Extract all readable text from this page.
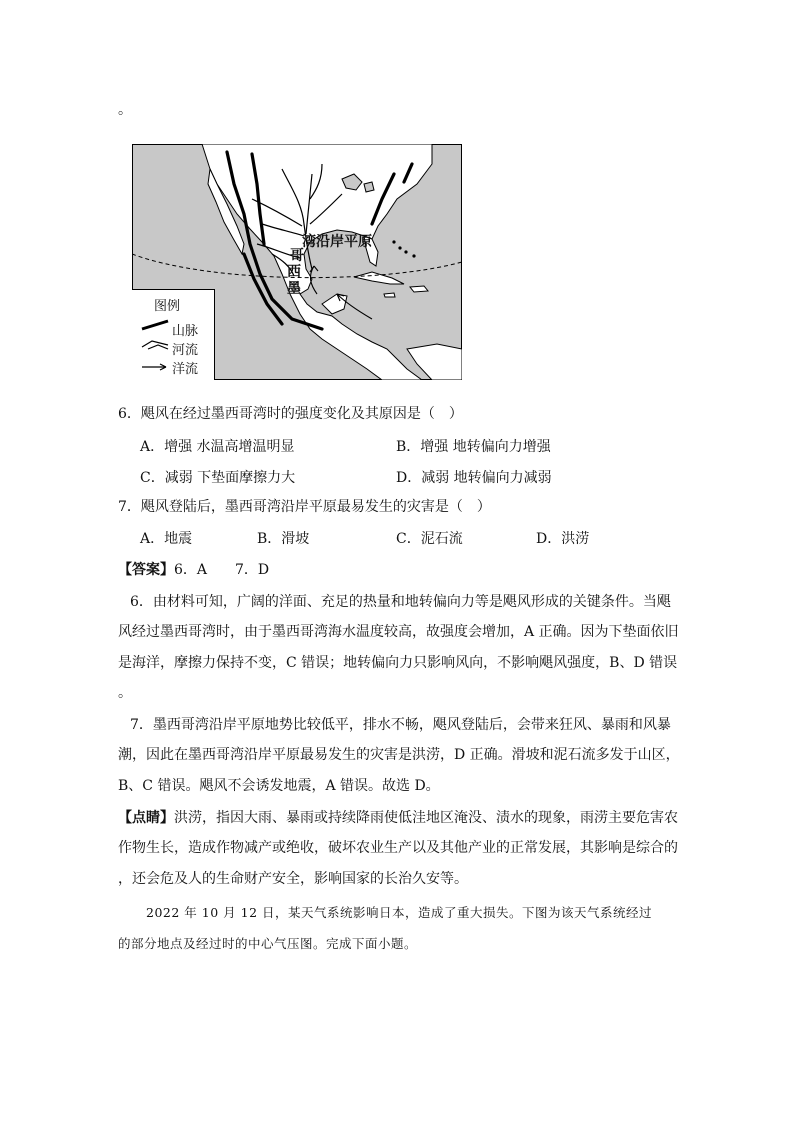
。
湾沿岸平原
哥
西
墨
图例
山脉
河流
洋流
6．飓风在经过墨西哥湾时的强度变化及其原因是（　）
A．增强 水温高增温明显	B．增强 地转偏向力增强
C．减弱 下垫面摩擦力大	D．减弱 地转偏向力减弱
7．飓风登陆后，墨西哥湾沿岸平原最易发生的灾害是（　）
A．地震	B．滑坡	C．泥石流	D．洪涝
【答案】6．A　　7．D
6．由材料可知，广阔的洋面、充足的热量和地转偏向力等是飓风形成的关键条件。当飓
风经过墨西哥湾时，由于墨西哥湾海水温度较高，故强度会增加，A 正确。因为下垫面依旧
是海洋，摩擦力保持不变，C 错误；地转偏向力只影响风向，不影响飓风强度，B、D 错误
。
7．墨西哥湾沿岸平原地势比较低平，排水不畅，飓风登陆后，会带来狂风、暴雨和风暴
潮，因此在墨西哥湾沿岸平原最易发生的灾害是洪涝，D 正确。滑坡和泥石流多发于山区，
B、C 错误。飓风不会诱发地震，A 错误。故选 D。
【点睛】洪涝，指因大雨、暴雨或持续降雨使低洼地区淹没、渍水的现象，雨涝主要危害农
作物生长，造成作物减产或绝收，破坏农业生产以及其他产业的正常发展，其影响是综合的
，还会危及人的生命财产安全，影响国家的长治久安等。
2022 年 10 月 12 日，某天气系统影响日本，造成了重大损失。下图为该天气系统经过
的部分地点及经过时的中心气压图。完成下面小题。
